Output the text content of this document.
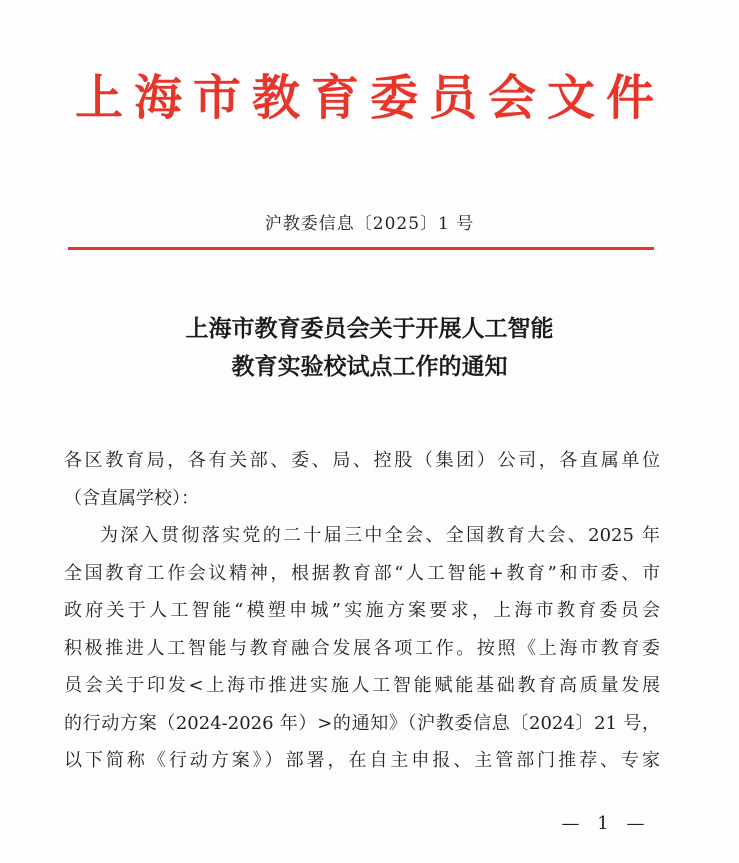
上海市教育委员会文件
沪教委信息〔2025〕1 号
上海市教育委员会关于开展人工智能
教育实验校试点工作的通知
各区教育局，各有关部、委、局、控股（集团）公司，各直属单位
（含直属学校）：
为深入贯彻落实党的二十届三中全会、全国教育大会、2025 年
全国教育工作会议精神，根据教育部“人工智能+教育”和市委、市
政府关于人工智能“模塑申城”实施方案要求，上海市教育委员会
积极推进人工智能与教育融合发展各项工作。按照《上海市教育委
员会关于印发<上海市推进实施人工智能赋能基础教育高质量发展
的行动方案（2024-2026 年）>的通知》（沪教委信息〔2024〕21 号，
以下简称《行动方案》）部署，在自主申报、主管部门推荐、专家
— 1 —
